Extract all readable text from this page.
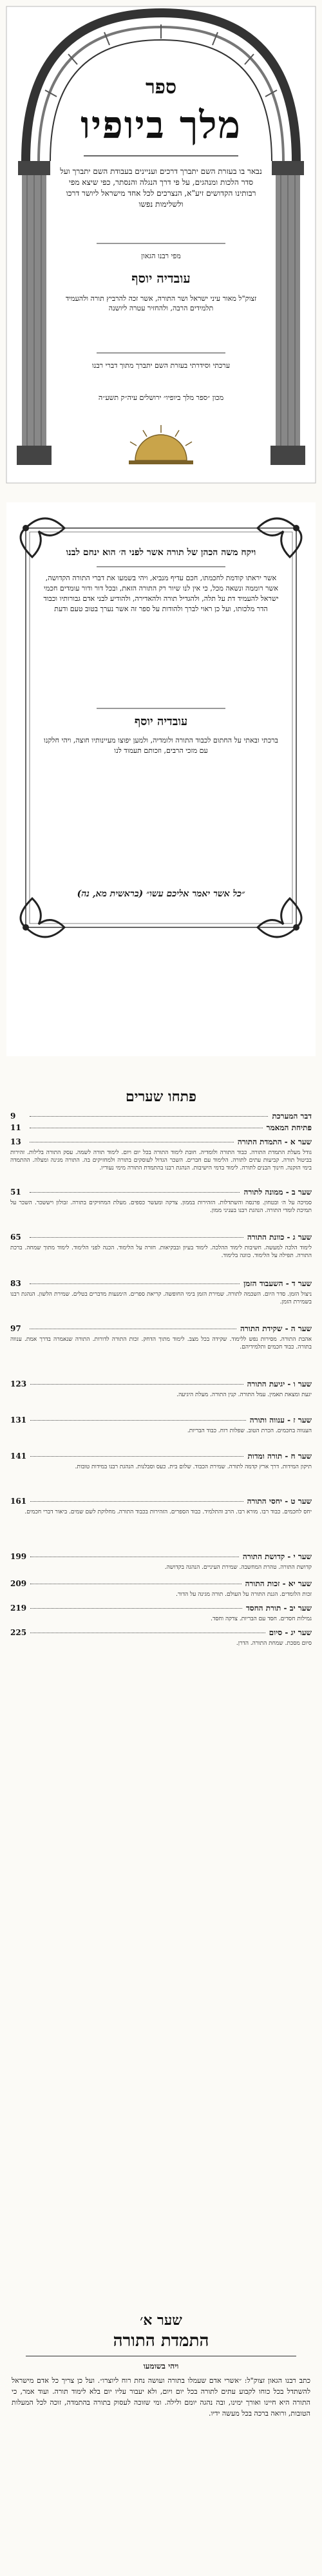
ספר
מלך ביופיו
נבאר בו בעזרת השם יתברך דרכים ועניינים בעבודת השם יתברך ועל סדר הלכות ומנהגים, על פי דרך הנגלה והנסתר, כפי שיצא מפי רבותינו הקדושים זיע"א, הנצרכים לכל אחד מישראל ליושר דרכו ולשלימות נפשו
מפי רבנו הגאון
עובדיה יוסף
זצוק"ל מאור עיני ישראל ושר התורה, אשר זכה להרביץ תורה ולהעמיד תלמידים הרבה, ולהחזיר עטרה ליושנה
ערכתי וסידרתי בעזרת השם יתברך מתוך דברי רבנו
מכון ״ספר מלך ביופיו״ ירושלים עיה״ק תשע״ה
ויקח משה הכהן של תורה אשר לפני ה׳ הוא ינחם לבנו
אשר יראתו קודמת לחכמתו, חכם עדיף מנביא, ויהי בשמעו את דברי התורה הקדושה, אשר רוממה ונשאה מכל, כי אין לנו שיור רק התורה הזאת, ובכל דור ודור עומדים חכמי ישראל להעמיד דת על תלה, ולהגדיל תורה ולהאדירה, ולהודיע לבני אדם גבורותיו וכבוד הדר מלכותו, ועל כן ראוי לברך ולהודות על ספר זה אשר נערך בטוב טעם ודעת
עובדיה יוסף
ברכתי ובאתי על החתום לכבוד התורה ולומדיה, ולמען יפוצו מעיינותיו חוצה, ויהי חלקנו עם מזכי הרבים, וזכותם תעמוד לנו
״כל אשר יאמר אליכם עשו״ (בראשית מא, נה)
פתחו שערים
דבר המערכת
9
פתיחת המאמר
11
שער א - התמדת התורה
13
גודל מעלת התמדת התורה. כבוד התורה ולומדיה. חובת לימוד התורה בכל יום ויום. לימוד תורה לשמה. עסק התורה בלילות. זהירות בביטול תורה. קביעות עתים לתורה. הלימוד עם חברים. השכר הגדול לעוסקים בתורה ולמחזיקים בה. התורה מגינה ומצלה. ההתמדה בימי הזקנה. חינוך הבנים לתורה. לימוד בדמי הישיבות. הנהגת רבנו בהתמדת התורה מימי נעוריו.
שער ב - ממונה לתורה
51
סמיכה על ה׳ ובטחון. פרנסה והשתדלות. הזהירות בממון. צדקה ומעשר כספים. מעלת המחזיקים בתורה. זבולון ויששכר. השכר על תמיכת לומדי התורה. הנהגת רבנו בעניני ממון.
שער ג - כוונת התורה
65
לימוד הלכה למעשה. חשיבות לימוד ההלכה. לימוד בעיון ובבקיאות. חזרה על הלימוד. הכנה לפני הלימוד. לימוד מתוך שמחה. ברכת התורה. תפילה על הלימוד. כוונה בלימוד.
שער ד - השעבוד הזמן
83
ניצול הזמן. סדר היום. השכמה לתורה. שמירת הזמן בימי החופשה. קריאת ספרים. הימנעות מדברים בטלים. שמירת הלשון. הנהגת רבנו בשמירת הזמן.
שער ה - שקידת התורה
97
אהבת התורה. מסירות נפש ללימוד. שקידה בכל מצב. לימוד מתוך הדחק. זכות התורה לדורות. התורה שנאמרה בדרך אמת. ענווה בתורה. כבוד חכמים ותלמידיהם.
שער ו - יגיעת התורה
123
יגעת ומצאת תאמין. עמל התורה. קנין התורה. מעלת היגיעה.
שער ז - ענווה ותורה
131
הענווה בחכמים. הכרת הטוב. שפלות רוח. כבוד הבריות.
שער ח - תורה ומדות
141
תיקון המידות. דרך ארץ קדמה לתורה. שמירת הכבוד. שלום בית. כעס וסבלנות. הנהגת רבנו במידות טובות.
שער ט - יחסי התורה
161
יחס לחכמים. כבוד רבו. מורא רבו. הרב והתלמיד. כבוד הספרים. הזהירות בכבוד התורה. מחלוקת לשם שמים. ביאור דברי חכמים.
שער י - קדושת התורה
199
קדושת התורה. טהרת המחשבה. שמירת העיניים. הנהגה בקדושה.
שער יא - זכות התורה
209
זכות הלומדים. הגנת התורה על העולם. תורה מגינה על הדור.
שער יב - תורת החסד
219
גמילות חסדים. חסד עם הבריות. צדקה וחסד.
שער יג - סיום
225
סיום מסכת. שמחת התורה. הדרן.
שער א׳
התמדת התורה
ויהי בשומעו
כתב רבנו הגאון זצוק"ל: ״אשרי אדם שעמלו בתורה ועושה נחת רוח ליוצרו״. ועל כן צריך כל אדם מישראל להשתדל בכל כוחו לקבוע עתים לתורה בכל יום ויום, ולא יעבור עליו יום בלא לימוד תורה. ועוד אמר, כי התורה היא חיינו ואורך ימינו, ובה נהגה יומם ולילה. ומי שזוכה לעסוק בתורה בהתמדה, זוכה לכל המעלות הטובות, ורואה ברכה בכל מעשה ידיו.
